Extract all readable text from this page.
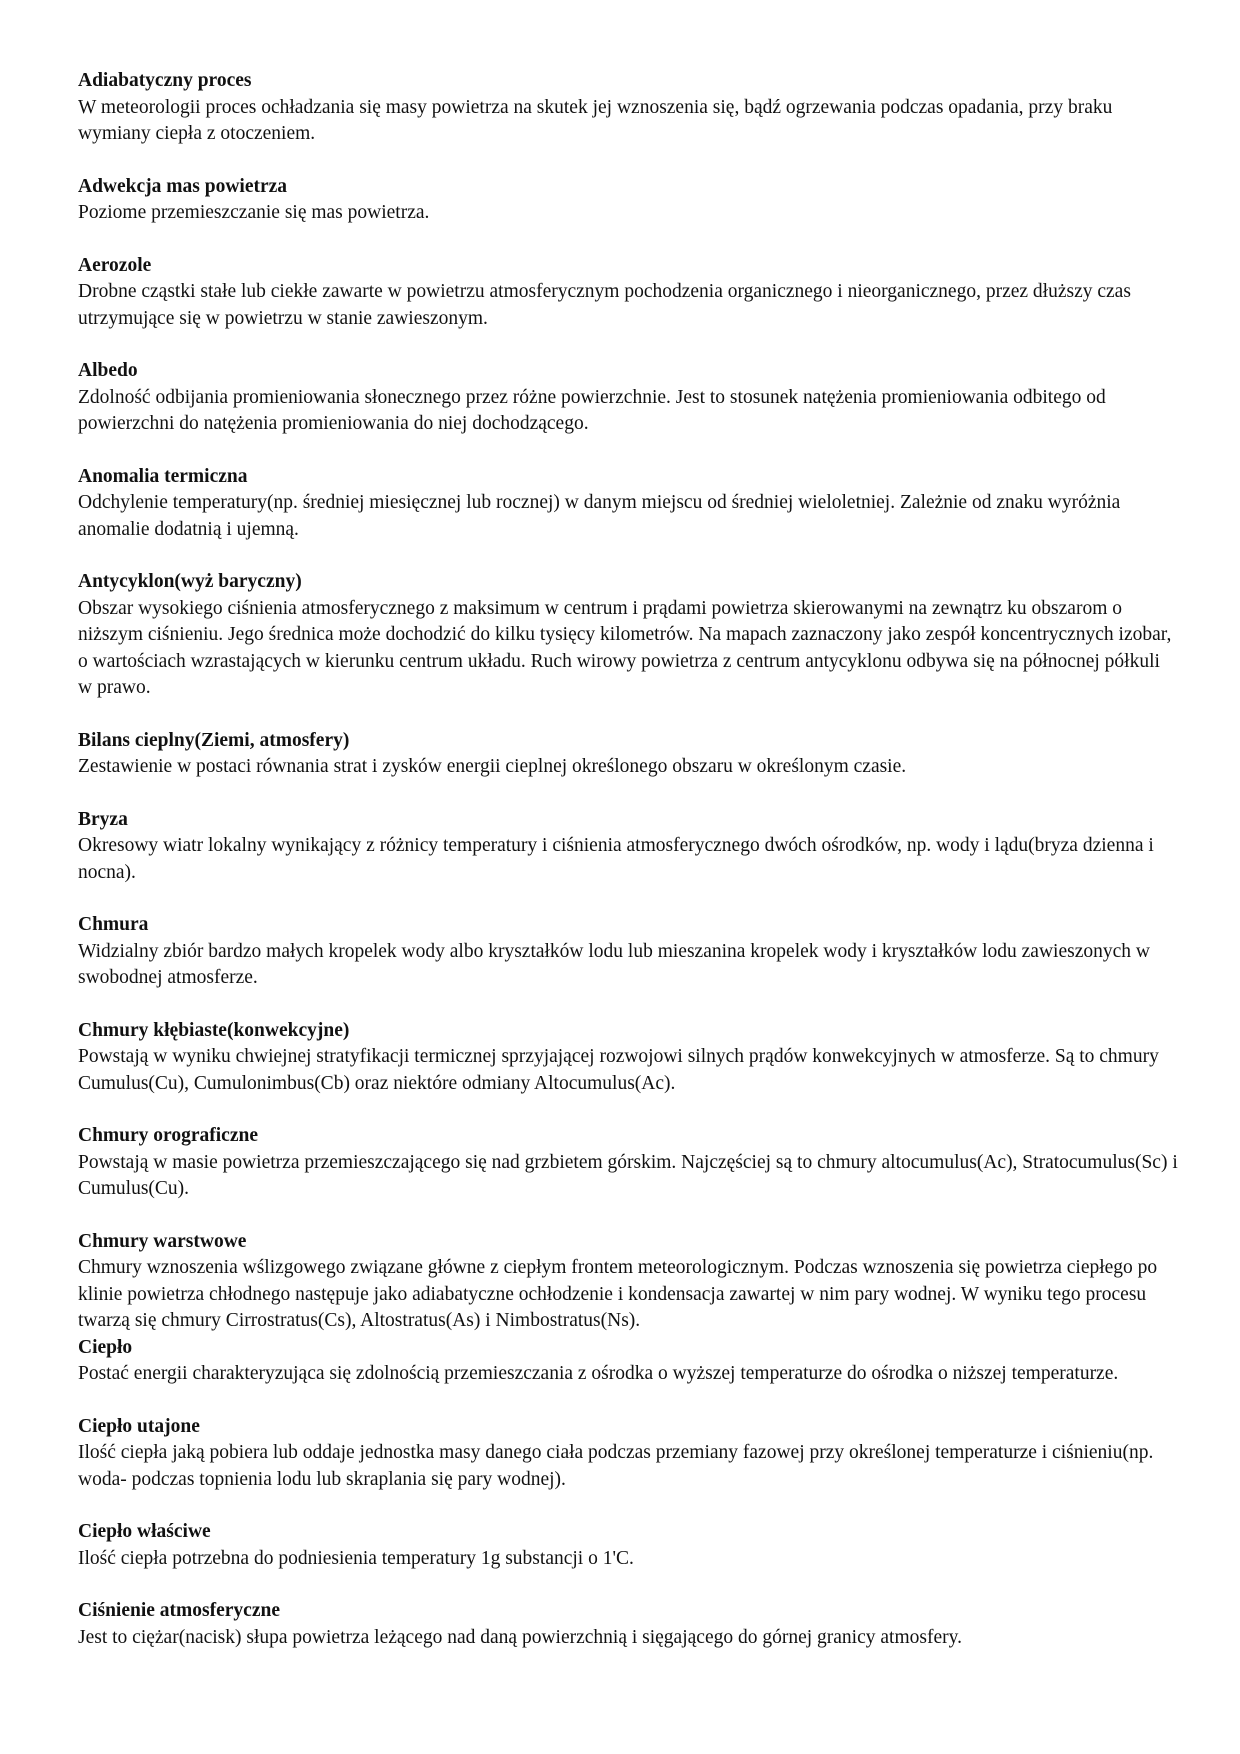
Adiabatyczny proces
W meteorologii proces ochładzania się masy powietrza na skutek jej wznoszenia się, bądź ogrzewania podczas opadania, przy braku wymiany ciepła z otoczeniem.
Adwekcja mas powietrza
Poziome przemieszczanie się mas powietrza.
Aerozole
Drobne cząstki stałe lub ciekłe zawarte w powietrzu atmosferycznym pochodzenia organicznego i nieorganicznego, przez dłuższy czas utrzymujące się w powietrzu w stanie zawieszonym.
Albedo
Zdolność odbijania promieniowania słonecznego przez różne powierzchnie. Jest to stosunek natężenia promieniowania odbitego od powierzchni do natężenia promieniowania do niej dochodzącego.
Anomalia termiczna
Odchylenie temperatury(np. średniej miesięcznej lub rocznej) w danym miejscu od średniej wieloletniej. Zależnie od znaku wyróżnia anomalie dodatnią i ujemną.
Antycyklon(wyż baryczny)
Obszar wysokiego ciśnienia atmosferycznego z maksimum w centrum i prądami powietrza skierowanymi na zewnątrz ku obszarom o niższym ciśnieniu. Jego średnica może dochodzić do kilku tysięcy kilometrów. Na mapach zaznaczony jako zespół koncentrycznych izobar, o wartościach wzrastających w kierunku centrum układu. Ruch wirowy powietrza z centrum antycyklonu odbywa się na północnej półkuli w prawo.
Bilans cieplny(Ziemi, atmosfery)
Zestawienie w postaci równania strat i zysków energii cieplnej określonego obszaru w określonym czasie.
Bryza
Okresowy wiatr lokalny wynikający z różnicy temperatury i ciśnienia atmosferycznego dwóch ośrodków, np. wody i lądu(bryza dzienna i nocna).
Chmura
Widzialny zbiór bardzo małych kropelek wody albo kryształków lodu lub mieszanina kropelek wody i kryształków lodu zawieszonych w swobodnej atmosferze.
Chmury kłębiaste(konwekcyjne)
Powstają w wyniku chwiejnej stratyfikacji termicznej sprzyjającej rozwojowi silnych prądów konwekcyjnych w atmosferze. Są to chmury Cumulus(Cu), Cumulonimbus(Cb) oraz niektóre odmiany Altocumulus(Ac).
Chmury orograficzne
Powstają w masie powietrza przemieszczającego się nad grzbietem górskim. Najczęściej są to chmury altocumulus(Ac), Stratocumulus(Sc) i Cumulus(Cu).
Chmury warstwowe
Chmury wznoszenia wślizgowego związane główne z ciepłym frontem meteorologicznym. Podczas wznoszenia się powietrza ciepłego po klinie powietrza chłodnego następuje jako adiabatyczne ochłodzenie i kondensacja zawartej w nim pary wodnej. W wyniku tego procesu twarzą się chmury Cirrostratus(Cs), Altostratus(As) i Nimbostratus(Ns).
Ciepło
Postać energii charakteryzująca się zdolnością przemieszczania z ośrodka o wyższej temperaturze do ośrodka o niższej temperaturze.
Ciepło utajone
Ilość ciepła jaką pobiera lub oddaje jednostka masy danego ciała podczas przemiany fazowej przy określonej temperaturze i ciśnieniu(np. woda- podczas topnienia lodu lub skraplania się pary wodnej).
Ciepło właściwe
Ilość ciepła potrzebna do podniesienia temperatury 1g substancji o 1'C.
Ciśnienie atmosferyczne
Jest to ciężar(nacisk) słupa powietrza leżącego nad daną powierzchnią i sięgającego do górnej granicy atmosfery.
